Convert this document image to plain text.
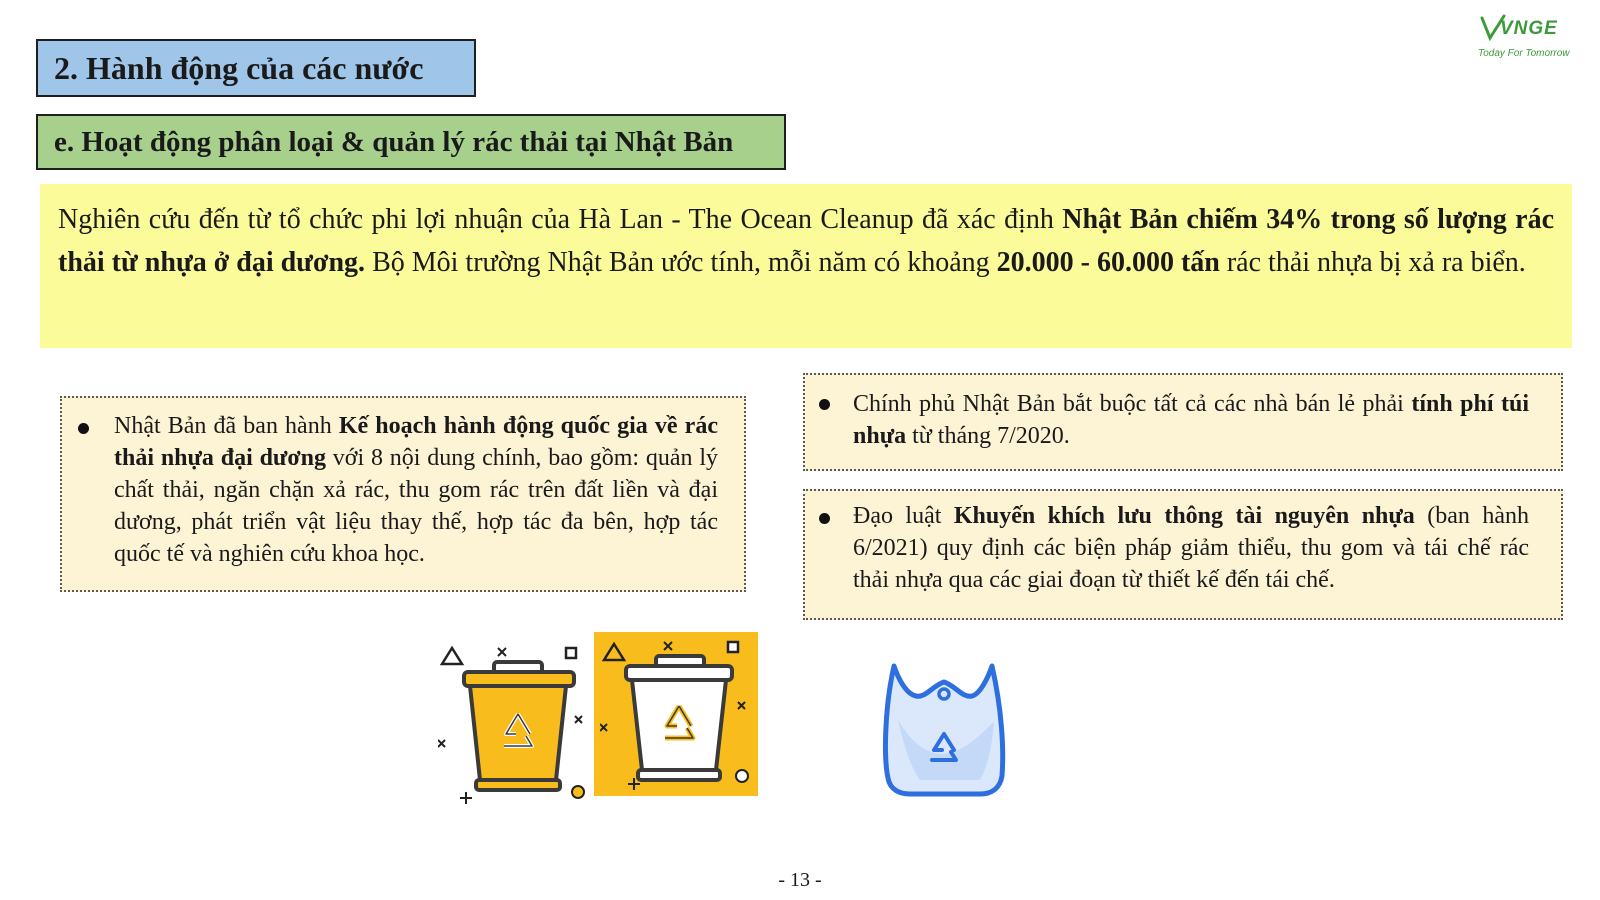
2. Hành động của các nước
e. Hoạt động phân loại & quản lý rác thải tại Nhật Bản
VNGE
Today For Tomorrow
Nghiên cứu đến từ tổ chức phi lợi nhuận của Hà Lan - The Ocean Cleanup đã xác định Nhật Bản chiếm 34% trong số lượng rác thải từ nhựa ở đại dương. Bộ Môi trường Nhật Bản ước tính, mỗi năm có khoảng 20.000 - 60.000 tấn rác thải nhựa bị xả ra biển.
Nhật Bản đã ban hành Kế hoạch hành động quốc gia về rác thải nhựa đại dương với 8 nội dung chính, bao gồm: quản lý chất thải, ngăn chặn xả rác, thu gom rác trên đất liền và đại dương, phát triển vật liệu thay thế, hợp tác đa bên, hợp tác quốc tế và nghiên cứu khoa học.
Chính phủ Nhật Bản bắt buộc tất cả các nhà bán lẻ phải tính phí túi nhựa từ tháng 7/2020.
Đạo luật Khuyến khích lưu thông tài nguyên nhựa (ban hành 6/2021) quy định các biện pháp giảm thiểu, thu gom và tái chế rác thải nhựa qua các giai đoạn từ thiết kế đến tái chế.
- 13 -
